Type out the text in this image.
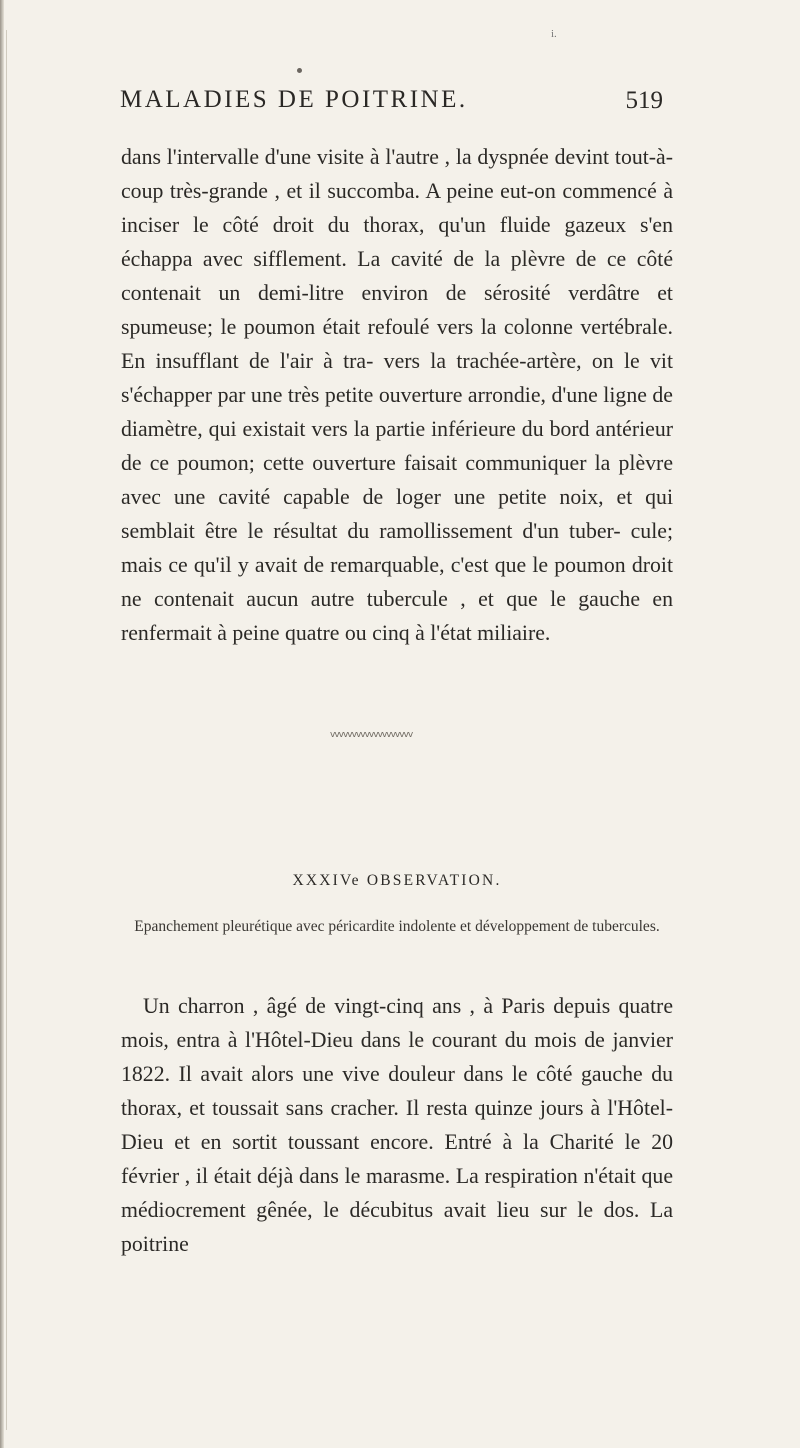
i.
MALADIES DE POITRINE.	519
dans l'intervalle d'une visite à l'autre , la dyspnée devint tout-à-coup très-grande , et il succomba. A peine eut-on commencé à inciser le côté droit du thorax, qu'un fluide gazeux s'en échappa avec sifflement. La cavité de la plèvre de ce côté contenait un demi-litre environ de sérosité verdâtre et spumeuse; le poumon était refoulé vers la colonne vertébrale. En insufflant de l'air à tra- vers la trachée-artère, on le vit s'échapper par une très petite ouverture arrondie, d'une ligne de diamètre, qui existait vers la partie inférieure du bord antérieur de ce poumon; cette ouverture faisait communiquer la plèvre avec une cavité capable de loger une petite noix, et qui semblait être le résultat du ramollissement d'un tuber- cule; mais ce qu'il y avait de remarquable, c'est que le poumon droit ne contenait aucun autre tubercule , et que le gauche en renfermait à peine quatre ou cinq à l'état miliaire.
vvvvvvvvvvvvvvvvvvv
XXXIVe OBSERVATION.
Epanchement pleurétique avec péricardite indolente et développement de tubercules.
Un charron , âgé de vingt-cinq ans , à Paris depuis quatre mois, entra à l'Hôtel-Dieu dans le courant du mois de janvier 1822. Il avait alors une vive douleur dans le côté gauche du thorax, et toussait sans cracher. Il resta quinze jours à l'Hôtel-Dieu et en sortit toussant encore. Entré à la Charité le 20 février , il était déjà dans le marasme. La respiration n'était que médiocrement gênée, le décubitus avait lieu sur le dos. La poitrine
